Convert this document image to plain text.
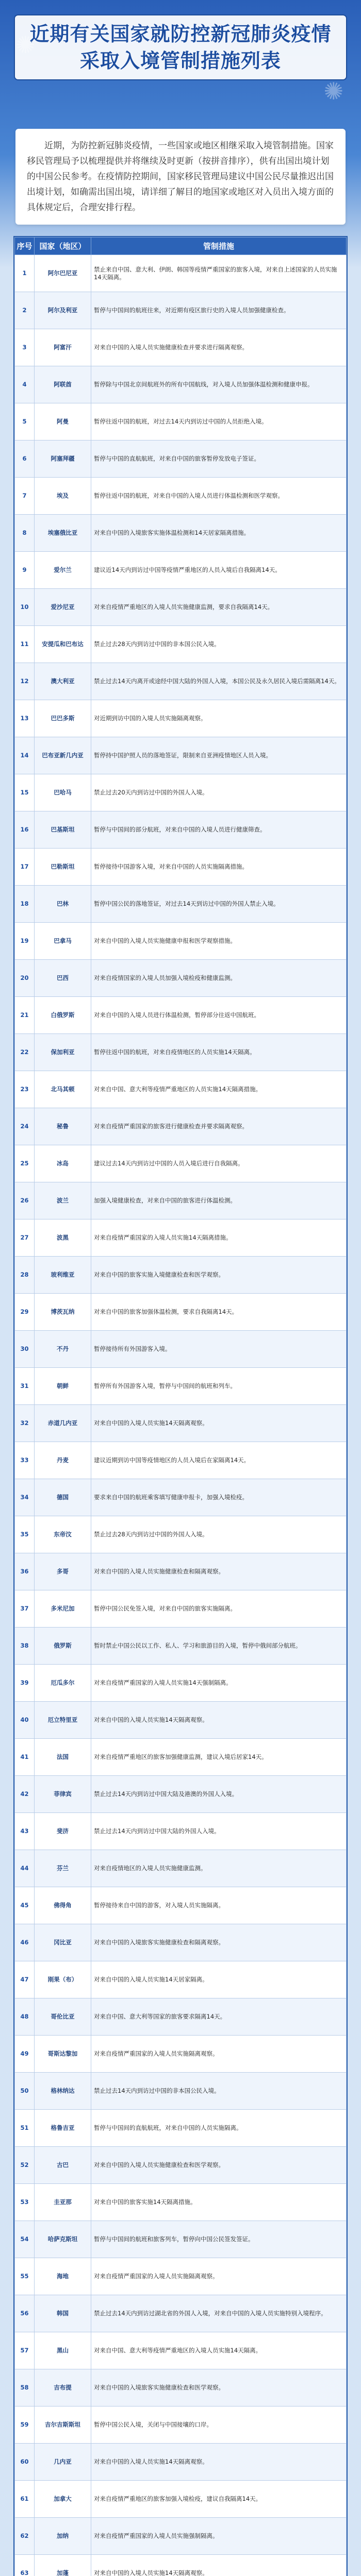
✺
✺
近期有关国家就防控新冠肺炎疫情
采取入境管制措施列表
近期，为防控新冠肺炎疫情，一些国家或地区相继采取入境管制措施。国家移民管理局予以梳理提供并将继续及时更新（按拼音排序），供有出国出境计划的中国公民参考。在疫情防控期间，国家移民管理局建议中国公民尽量推迟出国出境计划，如确需出国出境，请详细了解目的地国家或地区对入员出入境方面的具体规定后，合理安排行程。
序号	国家（地区）	管制措施
1	阿尔巴尼亚	禁止来自中国、意大利、伊朗、韩国等疫情严重国家的旅客入境，对来自上述国家的人员实施14天隔离。
2	阿尔及利亚	暂停与中国间的航班往来，对近期有疫区旅行史的入境人员加强健康检查。
3	阿富汗	对来自中国的入境人员实施健康检查并要求进行隔离观察。
4	阿联酋	暂停除与中国北京间航班外的所有中国航线，对入境人员加强体温检测和健康申报。
5	阿曼	暂停往返中国的航班，对过去14天内到访过中国的人员拒绝入境。
6	阿塞拜疆	暂停与中国的直航航班，对来自中国的旅客暂停发放电子签证。
7	埃及	暂停往返中国的航班，对来自中国的入境人员进行体温检测和医学观察。
8	埃塞俄比亚	对来自中国的入境旅客实施体温检测和14天居家隔离措施。
9	爱尔兰	建议近14天内到访过中国等疫情严重地区的人员入境后自我隔离14天。
10	爱沙尼亚	对来自疫情严重地区的入境人员实施健康监测，要求自我隔离14天。
11	安提瓜和巴布达	禁止过去28天内到访过中国的非本国公民入境。
12	澳大利亚	禁止过去14天内离开或途经中国大陆的外国人入境，本国公民及永久居民入境后需隔离14天。
13	巴巴多斯	对近期到访中国的入境人员实施隔离观察。
14	巴布亚新几内亚	暂停持中国护照人员的落地签证，限制来自亚洲疫情地区人员入境。
15	巴哈马	禁止过去20天内到访过中国的外国人入境。
16	巴基斯坦	暂停与中国间的部分航班，对来自中国的入境人员进行健康筛查。
17	巴勒斯坦	暂停接待中国游客入境，对来自中国的人员实施隔离措施。
18	巴林	暂停中国公民的落地签证，对过去14天到访过中国的外国人禁止入境。
19	巴拿马	对来自中国的入境人员实施健康申报和医学观察措施。
20	巴西	对来自疫情国家的入境人员加强入境检疫和健康监测。
21	白俄罗斯	对来自中国的入境人员进行体温检测，暂停部分往返中国航班。
22	保加利亚	暂停往返中国的航班，对来自疫情地区的人员实施14天隔离。
23	北马其顿	对来自中国、意大利等疫情严重地区的人员实施14天隔离措施。
24	秘鲁	对来自疫情严重国家的旅客进行健康检查并要求隔离观察。
25	冰岛	建议过去14天内到访过中国的人员入境后进行自我隔离。
26	波兰	加强入境健康检查，对来自中国的旅客进行体温检测。
27	波黑	对来自疫情严重国家的入境人员实施14天隔离措施。
28	玻利维亚	对来自中国的旅客实施入境健康检查和医学观察。
29	博茨瓦纳	对来自中国的旅客加强体温检测，要求自我隔离14天。
30	不丹	暂停接待所有外国游客入境。
31	朝鲜	暂停所有外国游客入境，暂停与中国间的航班和列车。
32	赤道几内亚	对来自中国的入境人员实施14天隔离观察。
33	丹麦	建议近期到访中国等疫情地区的人员入境后在家隔离14天。
34	德国	要求来自中国的航班乘客填写健康申报卡，加强入境检疫。
35	东帝汶	禁止过去28天内到访过中国的外国人入境。
36	多哥	对来自中国的入境人员实施健康检查和隔离观察。
37	多米尼加	暂停中国公民免签入境，对来自中国的旅客实施隔离。
38	俄罗斯	暂时禁止中国公民以工作、私人、学习和旅游目的入境，暂停中俄间部分航班。
39	厄瓜多尔	对来自疫情严重国家的入境人员实施14天强制隔离。
40	厄立特里亚	对来自中国的入境人员实施14天隔离观察。
41	法国	对来自疫情严重地区的旅客加强健康监测，建议入境后居家14天。
42	菲律宾	禁止过去14天内到访过中国大陆及港澳的外国人入境。
43	斐济	禁止过去14天内到访过中国大陆的外国人入境。
44	芬兰	对来自疫情地区的入境人员实施健康监测。
45	佛得角	暂停接待来自中国的游客，对入境人员实施隔离。
46	冈比亚	对来自中国的入境旅客实施健康检查和隔离观察。
47	刚果（布）	对来自中国的入境人员实施14天居家隔离。
48	哥伦比亚	对来自中国、意大利等国家的旅客要求隔离14天。
49	哥斯达黎加	对来自疫情严重国家的入境人员实施隔离观察。
50	格林纳达	禁止过去14天内到访过中国的非本国公民入境。
51	格鲁吉亚	暂停与中国间的直航航班，对来自中国的人员实施隔离。
52	古巴	对来自中国的入境人员实施健康检查和医学观察。
53	圭亚那	对来自中国的旅客实施14天隔离措施。
54	哈萨克斯坦	暂停与中国间的航班和旅客列车，暂停向中国公民签发签证。
55	海地	对来自疫情严重国家的入境人员实施隔离观察。
56	韩国	禁止过去14天内到访过湖北省的外国人入境，对来自中国的入境人员实施特别入境程序。
57	黑山	对来自中国、意大利等疫情严重地区的入境人员实施14天隔离。
58	吉布提	对来自中国的入境旅客实施健康检查和医学观察。
59	吉尔吉斯斯坦	暂停中国公民入境，关闭与中国接壤的口岸。
60	几内亚	对来自中国的入境人员实施14天隔离观察。
61	加拿大	对来自疫情严重地区的旅客加强入境检疫，建议自我隔离14天。
62	加纳	对来自疫情严重国家的入境人员实施强制隔离。
63	加蓬	对来自中国的入境人员实施14天隔离观察。
